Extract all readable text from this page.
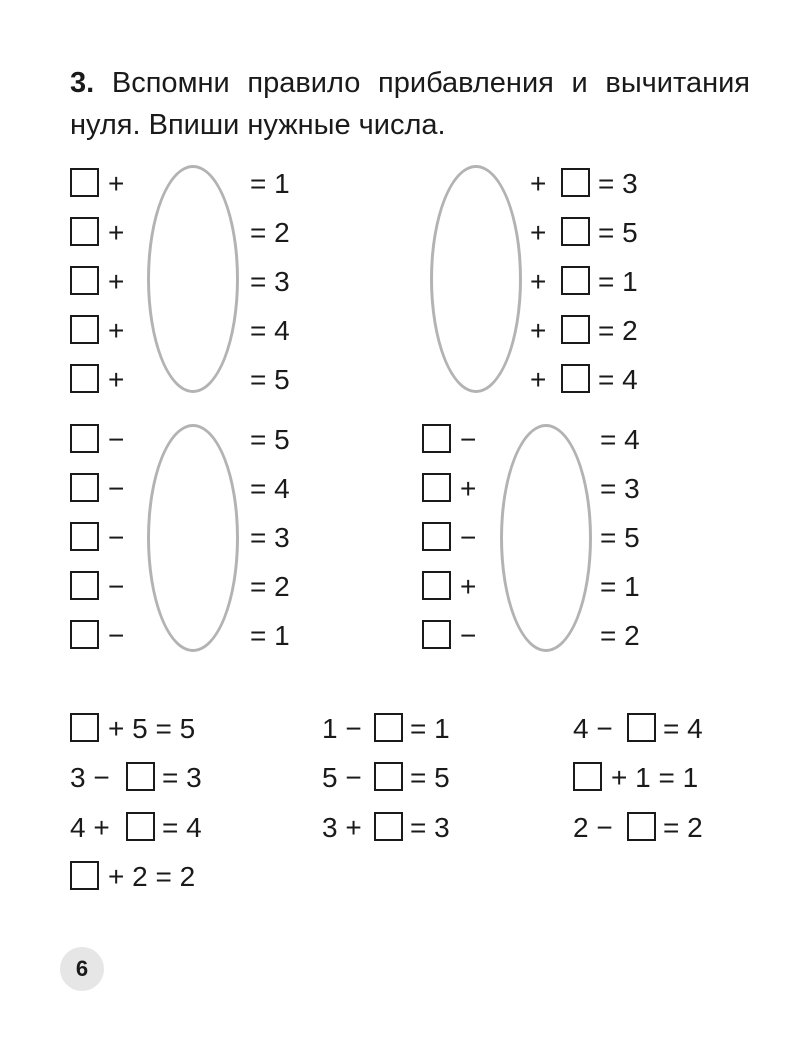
3. Вспомни правило прибавления и вычитания нуля. Впиши нужные числа.
+	= 1
+	= 2
+	= 3
+	= 4
+	= 5
+ = 3
+ = 5
+ = 1
+ = 2
+ = 4
−	= 5
−	= 4
−	= 3
−	= 2
−	= 1
−	= 4
+	= 3
−	= 5
+	= 1
−	= 2
+ 5 = 5
3 − = 3
4 + = 4
+ 2 = 2
1 − = 1
5 − = 5
3 + = 3
4 − = 4
+ 1 = 1
2 − = 2
6
